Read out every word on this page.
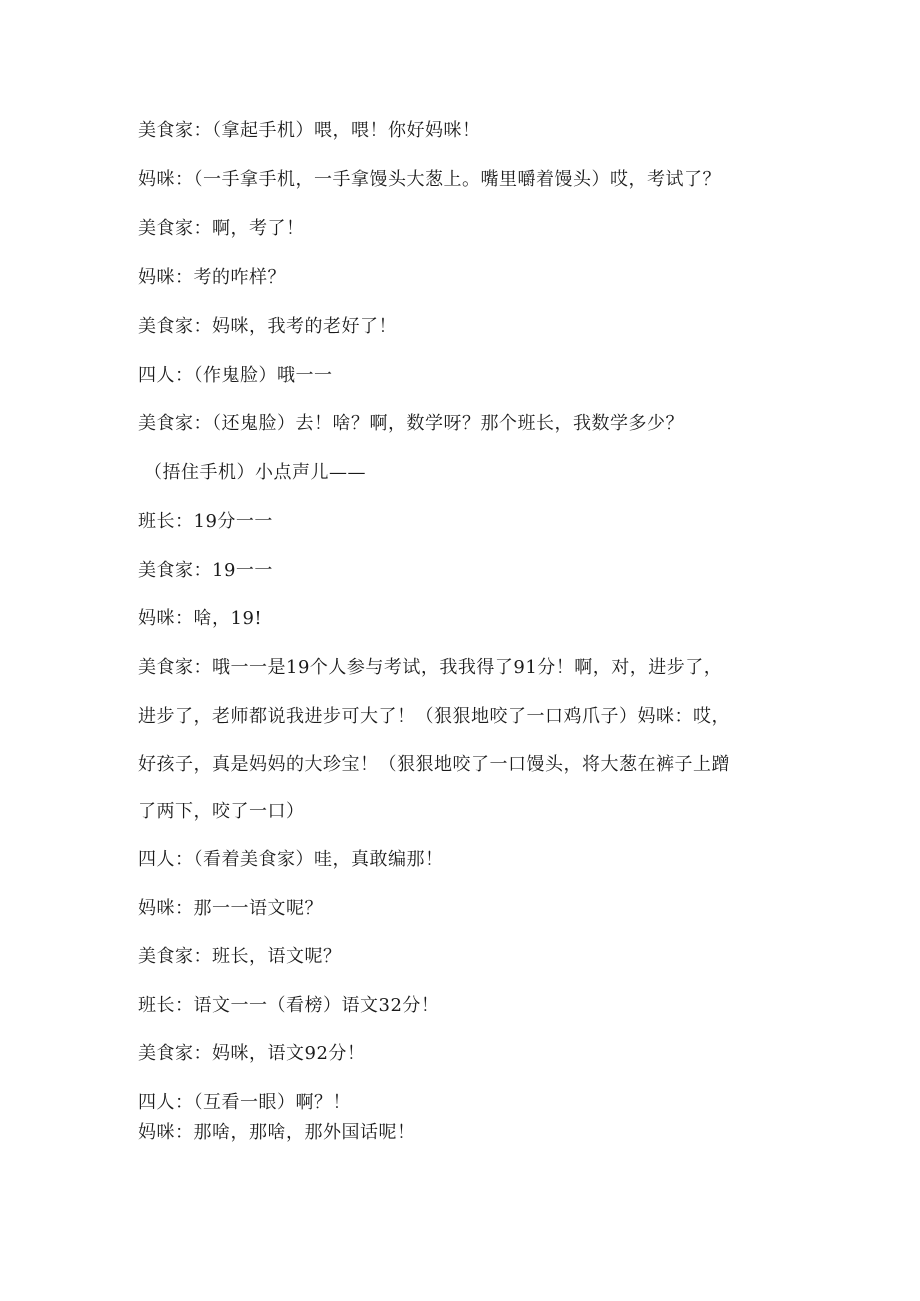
美食家：（拿起手机）喂，喂！你好妈咪！
妈咪：（一手拿手机，一手拿馒头大葱上。嘴里嚼着馒头）哎，考试了？
美食家：啊，考了！
妈咪：考的咋样？
美食家：妈咪，我考的老好了！
四人：（作鬼脸）哦一一
美食家：（还鬼脸）去！啥？啊，数学呀？那个班长，我数学多少？
（捂住手机）小点声儿——
班长：19分一一
美食家：19一一
妈咪：啥，19!
美食家：哦一一是19个人参与考试，我我得了91分！啊，对，进步了，
进步了，老师都说我进步可大了！（狠狠地咬了一口鸡爪子）妈咪：哎，
好孩子，真是妈妈的大珍宝！（狠狠地咬了一口馒头，将大葱在裤子上蹭
了两下，咬了一口）
四人：（看着美食家）哇，真敢编那！
妈咪：那一一语文呢？
美食家：班长，语文呢？
班长：语文一一（看榜）语文32分！
美食家：妈咪，语文92分！
四人：（互看一眼）啊？！
妈咪：那啥，那啥，那外国话呢！
